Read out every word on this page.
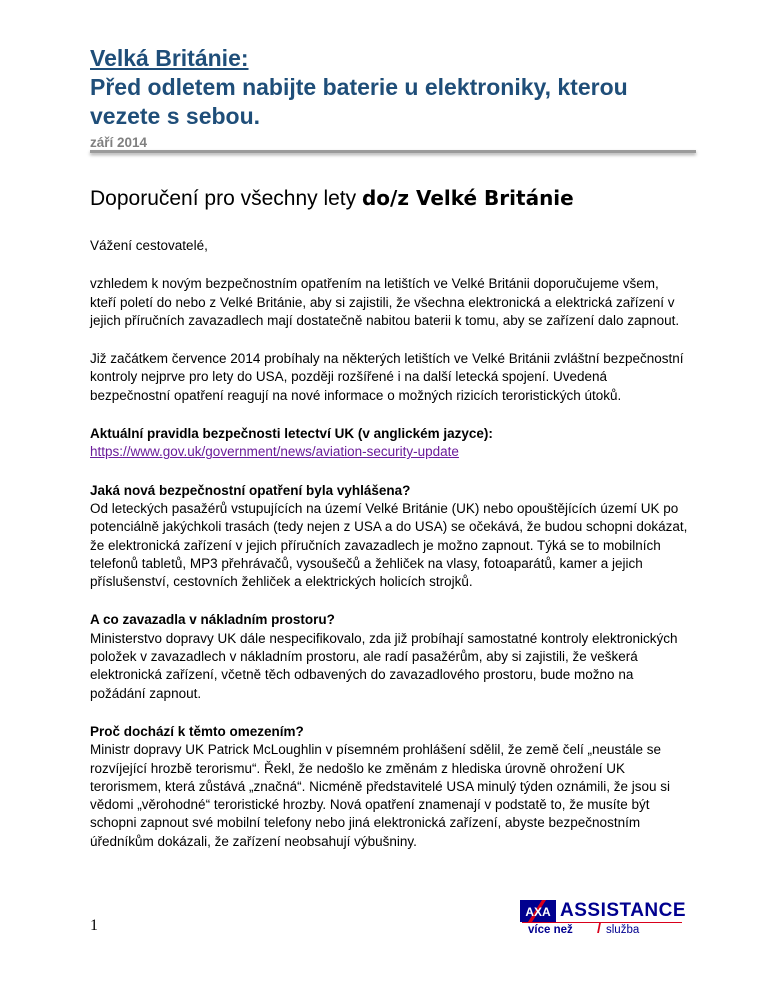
Velká Británie:
Před odletem nabijte baterie u elektroniky, kterou
vezete s sebou.
září 2014
Doporučení pro všechny lety do/z Velké Británie

Vážení cestovatelé,

vzhledem k novým bezpečnostním opatřením na letištích ve Velké Británii doporučujeme všem, kteří poletí do nebo z Velké Británie, aby si zajistili, že všechna elektronická a elektrická zařízení v jejich příručních zavazadlech mají dostatečně nabitou baterii k tomu, aby se zařízení dalo zapnout.

Již začátkem července 2014 probíhaly na některých letištích ve Velké Británii zvláštní bezpečnostní kontroly nejprve pro lety do USA, později rozšířené i na další letecká spojení. Uvedená bezpečnostní opatření reagují na nové informace o možných rizicích teroristických útoků.

Aktuální pravidla bezpečnosti letectví UK (v anglickém jazyce):
https://www.gov.uk/government/news/aviation-security-update

Jaká nová bezpečnostní opatření byla vyhlášena?
Od leteckých pasažérů vstupujících na území Velké Británie (UK) nebo opouštějících území UK po potenciálně jakýchkoli trasách (tedy nejen z USA a do USA) se očekává, že budou schopni dokázat, že elektronická zařízení v jejich příručních zavazadlech je možno zapnout. Týká se to mobilních telefonů tabletů, MP3 přehrávačů, vysoušečů a žehliček na vlasy, fotoaparátů, kamer a jejich příslušenství, cestovních žehliček a elektrických holicích strojků.

A co zavazadla v nákladním prostoru?
Ministerstvo dopravy UK dále nespecifikovalo, zda již probíhají samostatné kontroly elektronických položek v zavazadlech v nákladním prostoru, ale radí pasažérům, aby si zajistili, že veškerá elektronická zařízení, včetně těch odbavených do zavazadlového prostoru, bude možno na požádání zapnout.

Proč dochází k těmto omezením?
Ministr dopravy UK Patrick McLoughlin v písemném prohlášení sdělil, že země čelí „neustále se rozvíjející hrozbě terorismu“. Řekl, že nedošlo ke změnám z hlediska úrovně ohrožení UK terorismem, která zůstává „značná“. Nicméně představitelé USA minulý týden oznámili, že jsou si vědomi „věrohodné“ teroristické hrozby. Nová opatření znamenají v podstatě to, že musíte být schopni zapnout své mobilní telefony nebo jiná elektronická zařízení, abyste bezpečnostním úředníkům dokázali, že zařízení neobsahují výbušniny.

1
AXA ASSISTANCE
více než / služba
